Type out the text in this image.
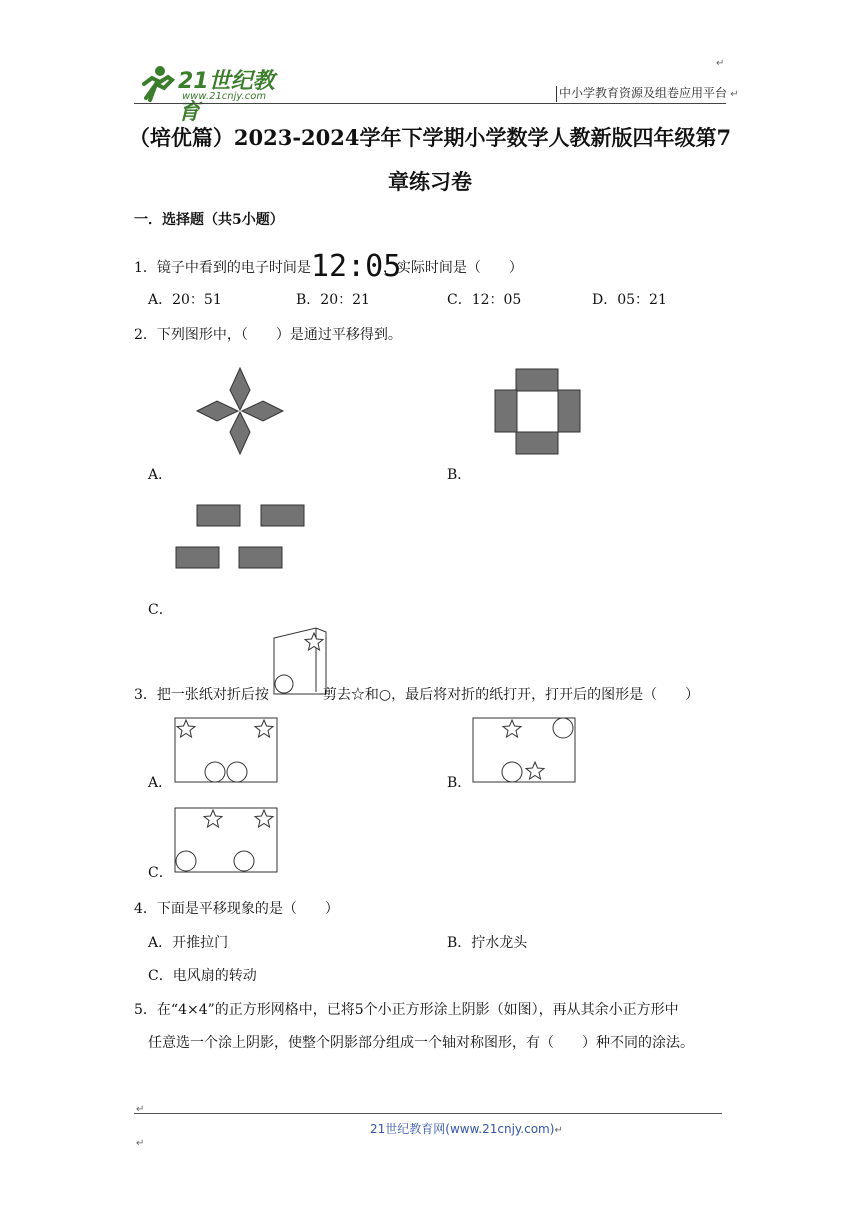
21世纪教育
www.21cnjy.com
↵
中小学教育资源及组卷应用平台 ↵
（培优篇）2023-2024学年下学期小学数学人教新版四年级第7
章练习卷
一．选择题（共5小题）
1．镜子中看到的电子时间是 12:05
，实际时间是（　　）
A．20：51	B．20：21	C．12：05	D．05：21
2．下列图形中，（　　）是通过平移得到。
A．	B．
C．
3．把一张纸对折后按	剪去☆和○，最后将对折的纸打开，打开后的图形是（　　）
A．	B．
C．
4．下面是平移现象的是（　　）
A．开推拉门	B．拧水龙头
C．电风扇的转动
5．在“4×4”的正方形网格中，已将5个小正方形涂上阴影（如图），再从其余小正方形中
任意选一个涂上阴影，使整个阴影部分组成一个轴对称图形，有（　　）种不同的涂法。
↵
21世纪教育网(www.21cnjy.com)↵
↵
